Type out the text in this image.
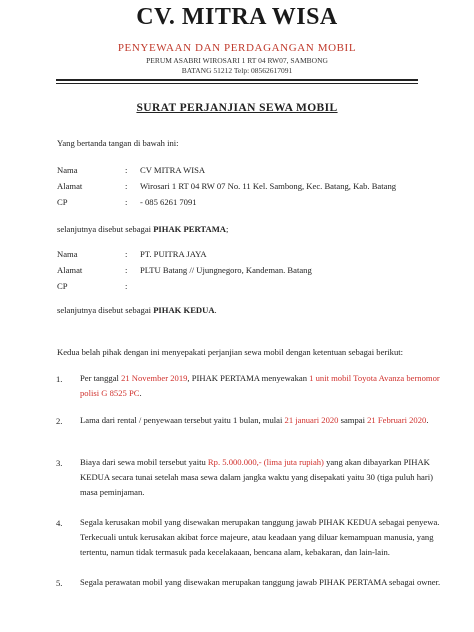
CV. MITRA WISA
PENYEWAAN DAN PERDAGANGAN MOBIL
PERUM ASABRI WIROSARI 1 RT 04 RW07, SAMBONG
BATANG 51212 Telp: 08562617091
SURAT PERJANJIAN SEWA MOBIL
Yang bertanda tangan di bawah ini:
Nama	: CV MITRA WISA
Alamat	: Wirosari 1 RT 04 RW 07 No. 11 Kel. Sambong, Kec. Batang, Kab. Batang
CP	: - 085 6261 7091
selanjutnya disebut sebagai PIHAK PERTAMA;
Nama	: PT. PUITRA JAYA
Alamat	: PLTU Batang // Ujungnegoro, Kandeman. Batang
CP	:
selanjutnya disebut sebagai PIHAK KEDUA.
Kedua belah pihak dengan ini menyepakati perjanjian sewa mobil dengan ketentuan sebagai berikut:
1. Per tanggal 21 November 2019, PIHAK PERTAMA menyewakan 1 unit mobil Toyota Avanza bernomor polisi G 8525 PC.
2. Lama dari rental / penyewaan tersebut yaitu 1 bulan, mulai 21 januari 2020 sampai 21 Februari 2020.
3. Biaya dari sewa mobil tersebut yaitu Rp. 5.000.000,- (lima juta rupiah) yang akan dibayarkan PIHAK KEDUA secara tunai setelah masa sewa dalam jangka waktu yang disepakati yaitu 30 (tiga puluh hari) masa peminjaman.
4. Segala kerusakan mobil yang disewakan merupakan tanggung jawab PIHAK KEDUA sebagai penyewa. Terkecuali untuk kerusakan akibat force majeure, atau keadaan yang diluar kemampuan manusia, yang tertentu, namun tidak termasuk pada kecelakaaan, bencana alam, kebakaran, dan lain-lain.
5. Segala perawatan mobil yang disewakan merupakan tanggung jawab PIHAK PERTAMA sebagai owner.
